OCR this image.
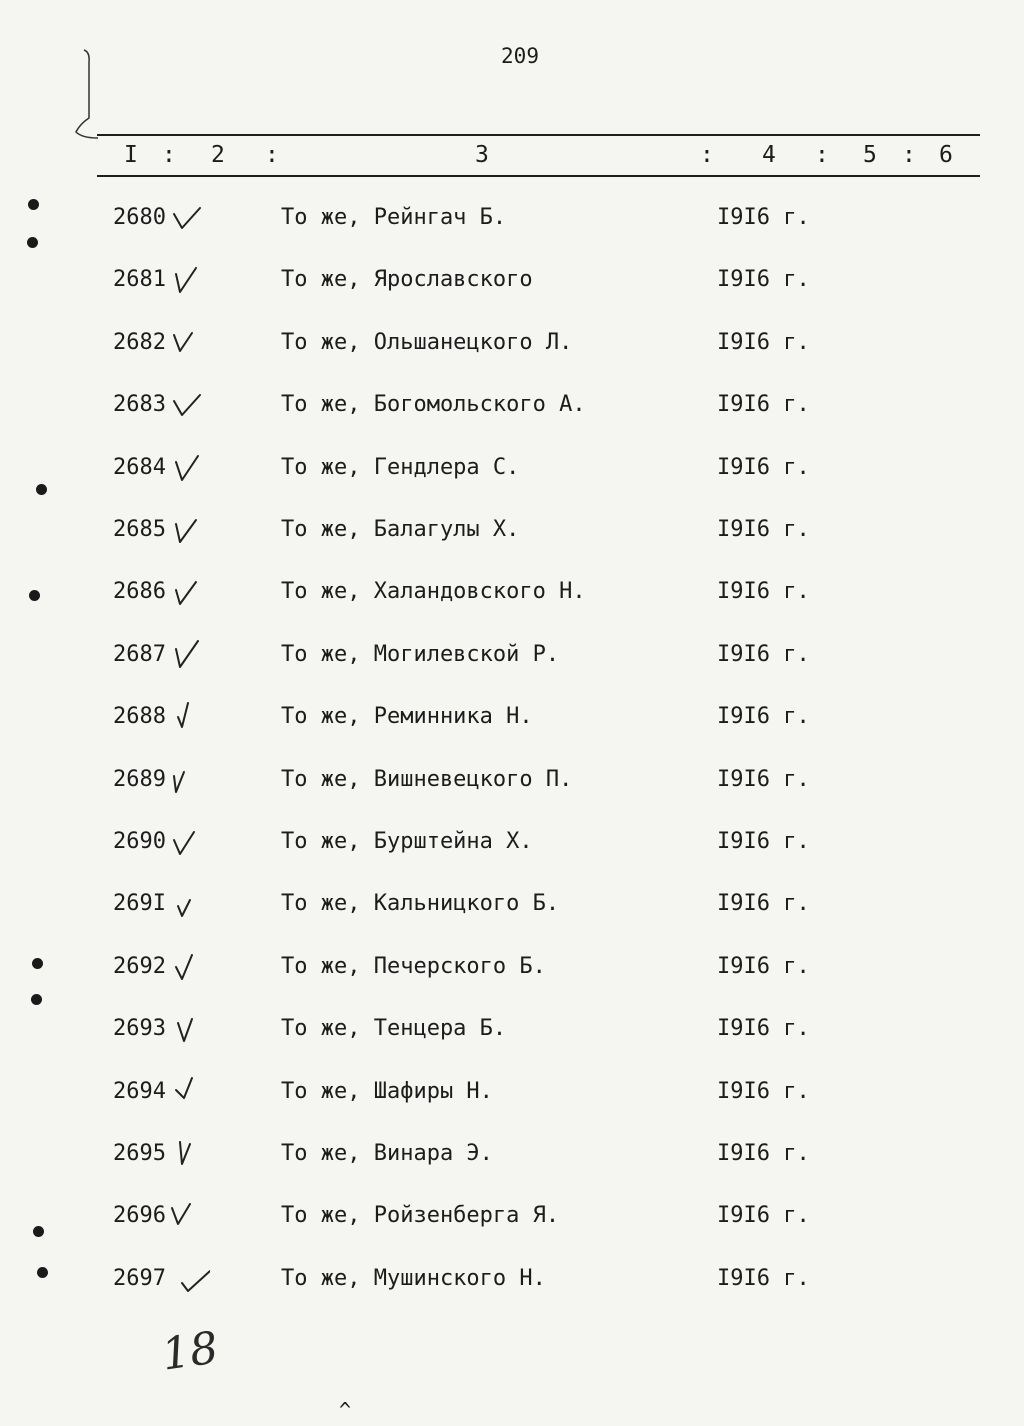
209
I : 2 :	3	: 4 : 5 : 6
2680	То же, Рейнгач Б.	I9I6 г.
2681	То же, Ярославского	I9I6 г.
2682	То же, Ольшанецкого Л.	I9I6 г.
2683	То же, Богомольского А.	I9I6 г.
2684	То же, Гендлера С.	I9I6 г.
2685	То же, Балагулы Х.	I9I6 г.
2686	То же, Халандовского Н.	I9I6 г.
2687	То же, Могилевской Р.	I9I6 г.
2688	То же, Реминника Н.	I9I6 г.
2689	То же, Вишневецкого П.	I9I6 г.
2690	То же, Бурштейна Х.	I9I6 г.
269I	То же, Кальницкого Б.	I9I6 г.
2692	То же, Печерского Б.	I9I6 г.
2693	То же, Тенцера Б.	I9I6 г.
2694	То же, Шафиры Н.	I9I6 г.
2695	То же, Винара Э.	I9I6 г.
2696	То же, Ройзенберга Я.	I9I6 г.
2697	То же, Мушинского Н.	I9I6 г.
18
^
